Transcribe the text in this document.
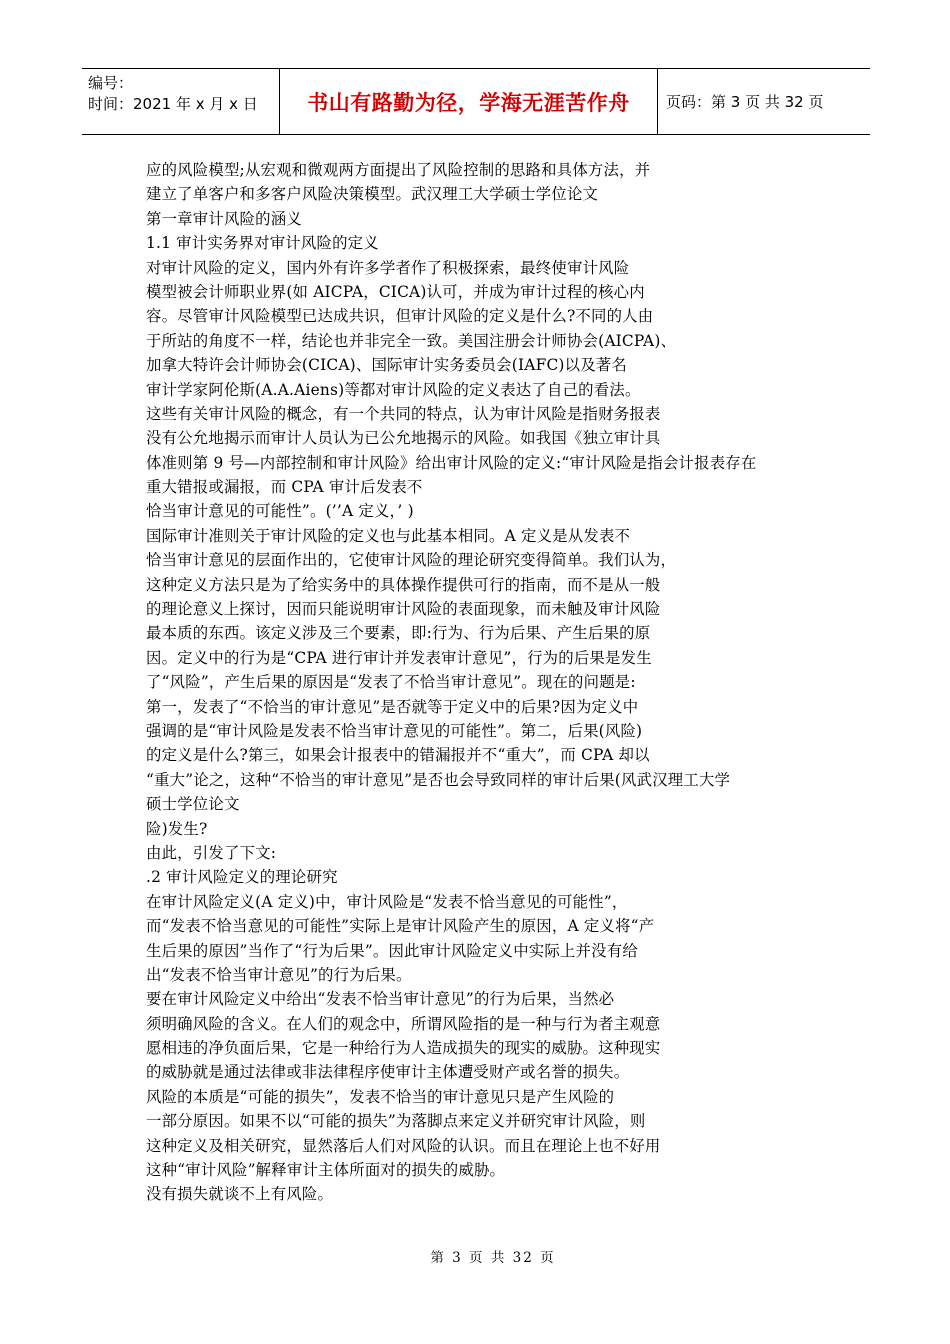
编号：
时间：2021 年 x 月 x 日	书山有路勤为径，学海无涯苦作舟 页码：第 3 页 共 32 页
应的风险模型;从宏观和微观两方面提出了风险控制的思路和具体方法，并
建立了单客户和多客户风险决策模型。武汉理工大学硕士学位论文
第一章审计风险的涵义
1.1 审计实务界对审计风险的定义
对审计风险的定义，国内外有许多学者作了积极探索，最终使审计风险
模型被会计师职业界(如 AICPA，CICA)认可，并成为审计过程的核心内
容。尽管审计风险模型已达成共识，但审计风险的定义是什么?不同的人由
于所站的角度不一样，结论也并非完全一致。美国注册会计师协会(AICPA)、
加拿大特许会计师协会(CICA)、国际审计实务委员会(IAFC)以及著名
审计学家阿伦斯(A.A.Aiens)等都对审计风险的定义表达了自己的看法。
这些有关审计风险的概念，有一个共同的特点，认为审计风险是指财务报表
没有公允地揭示而审计人员认为已公允地揭示的风险。如我国《独立审计具
体准则第 9 号—内部控制和审计风险》给出审计风险的定义:“审计风险是指会计报表存在
重大错报或漏报，而 CPA 审计后发表不
恰当审计意见的可能性”。(’’A 定义，’ )
国际审计准则关于审计风险的定义也与此基本相同。A 定义是从发表不
恰当审计意见的层面作出的，它使审计风险的理论研究变得简单。我们认为，
这种定义方法只是为了给实务中的具体操作提供可行的指南，而不是从一般
的理论意义上探讨，因而只能说明审计风险的表面现象，而未触及审计风险
最本质的东西。该定义涉及三个要素，即:行为、行为后果、产生后果的原
因。定义中的行为是“CPA 进行审计并发表审计意见”，行为的后果是发生
了“风险”，产生后果的原因是“发表了不恰当审计意见”。现在的问题是:
第一，发表了“不恰当的审计意见”是否就等于定义中的后果?因为定义中
强调的是“审计风险是发表不恰当审计意见的可能性”。第二，后果(风险)
的定义是什么?第三，如果会计报表中的错漏报并不“重大”，而 CPA 却以
“重大”论之，这种“不恰当的审计意见”是否也会导致同样的审计后果(风武汉理工大学
硕士学位论文
险)发生?
由此，引发了下文:
.2 审计风险定义的理论研究
在审计风险定义(A 定义)中，审计风险是“发表不恰当意见的可能性”，
而“发表不恰当意见的可能性”实际上是审计风险产生的原因，A 定义将“产
生后果的原因”当作了“行为后果”。因此审计风险定义中实际上并没有给
出“发表不恰当审计意见”的行为后果。
要在审计风险定义中给出“发表不恰当审计意见”的行为后果，当然必
须明确风险的含义。在人们的观念中，所谓风险指的是一种与行为者主观意
愿相违的净负面后果，它是一种给行为人造成损失的现实的威胁。这种现实
的威胁就是通过法律或非法律程序使审计主体遭受财产或名誉的损失。
风险的本质是“可能的损失”，发表不恰当的审计意见只是产生风险的
一部分原因。如果不以“可能的损失”为落脚点来定义并研究审计风险，则
这种定义及相关研究，显然落后人们对风险的认识。而且在理论上也不好用
这种“审计风险”解释审计主体所面对的损失的威胁。
没有损失就谈不上有风险。
第 3 页 共 32 页
